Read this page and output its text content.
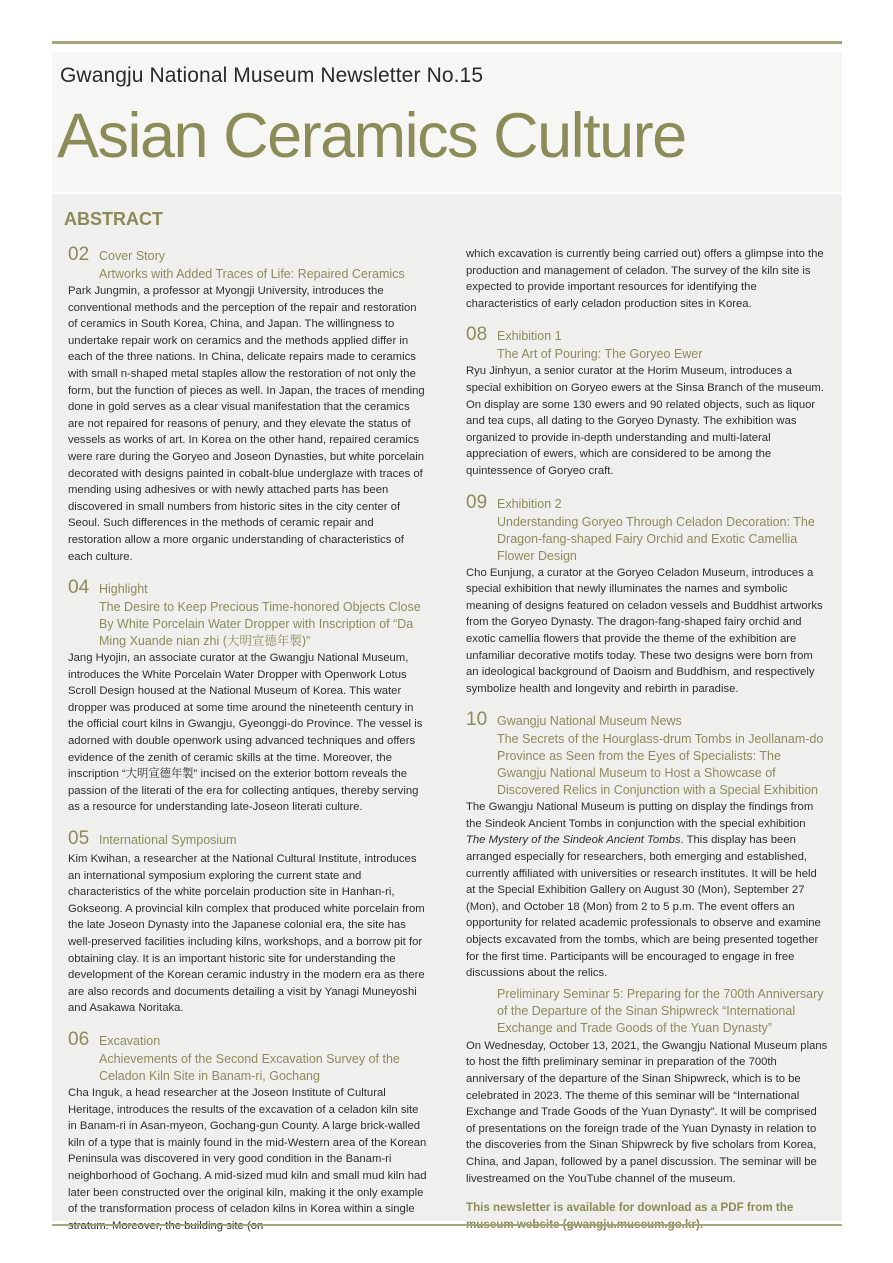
Gwangju National Museum Newsletter No.15
Asian Ceramics Culture
ABSTRACT
02 Cover Story
Artworks with Added Traces of Life: Repaired Ceramics
Park Jungmin, a professor at Myongji University, introduces the conventional methods and the perception of the repair and restoration of ceramics in South Korea, China, and Japan. The willingness to undertake repair work on ceramics and the methods applied differ in each of the three nations. In China, delicate repairs made to ceramics with small n-shaped metal staples allow the restoration of not only the form, but the function of pieces as well. In Japan, the traces of mending done in gold serves as a clear visual manifestation that the ceramics are not repaired for reasons of penury, and they elevate the status of vessels as works of art. In Korea on the other hand, repaired ceramics were rare during the Goryeo and Joseon Dynasties, but white porcelain decorated with designs painted in cobalt-blue underglaze with traces of mending using adhesives or with newly attached parts has been discovered in small numbers from historic sites in the city center of Seoul. Such differences in the methods of ceramic repair and restoration allow a more organic understanding of characteristics of each culture.
04 Highlight
The Desire to Keep Precious Time-honored Objects Close By White Porcelain Water Dropper with Inscription of “Da Ming Xuande nian zhi (大明宣德年製)”
Jang Hyojin, an associate curator at the Gwangju National Museum, introduces the White Porcelain Water Dropper with Openwork Lotus Scroll Design housed at the National Museum of Korea. This water dropper was produced at some time around the nineteenth century in the official court kilns in Gwangju, Gyeonggi-do Province. The vessel is adorned with double openwork using advanced techniques and offers evidence of the zenith of ceramic skills at the time. Moreover, the inscription “大明宣德年製” incised on the exterior bottom reveals the passion of the literati of the era for collecting antiques, thereby serving as a resource for understanding late-Joseon literati culture.
05 International Symposium
Kim Kwihan, a researcher at the National Cultural Institute, introduces an international symposium exploring the current state and characteristics of the white porcelain production site in Hanhan-ri, Gokseong. A provincial kiln complex that produced white porcelain from the late Joseon Dynasty into the Japanese colonial era, the site has well-preserved facilities including kilns, workshops, and a borrow pit for obtaining clay. It is an important historic site for understanding the development of the Korean ceramic industry in the modern era as there are also records and documents detailing a visit by Yanagi Muneyoshi and Asakawa Noritaka.
06 Excavation
Achievements of the Second Excavation Survey of the Celadon Kiln Site in Banam-ri, Gochang
Cha Inguk, a head researcher at the Joseon Institute of Cultural Heritage, introduces the results of the excavation of a celadon kiln site in Banam-ri in Asan-myeon, Gochang-gun County. A large brick-walled kiln of a type that is mainly found in the mid-Western area of the Korean Peninsula was discovered in very good condition in the Banam-ri neighborhood of Gochang. A mid-sized mud kiln and small mud kiln had later been constructed over the original kiln, making it the only example of the transformation process of celadon kilns in Korea within a single
which excavation is currently being carried out) offers a glimpse into the production and management of celadon. The survey of the kiln site is expected to provide important resources for identifying the characteristics of early celadon production sites in Korea.
08 Exhibition 1
The Art of Pouring: The Goryeo Ewer
Ryu Jinhyun, a senior curator at the Horim Museum, introduces a special exhibition on Goryeo ewers at the Sinsa Branch of the museum. On display are some 130 ewers and 90 related objects, such as liquor and tea cups, all dating to the Goryeo Dynasty. The exhibition was organized to provide in-depth understanding and multi-lateral appreciation of ewers, which are considered to be among the quintessence of Goryeo craft.
09 Exhibition 2
Understanding Goryeo Through Celadon Decoration: The Dragon-fang-shaped Fairy Orchid and Exotic Camellia Flower Design
Cho Eunjung, a curator at the Goryeo Celadon Museum, introduces a special exhibition that newly illuminates the names and symbolic meaning of designs featured on celadon vessels and Buddhist artworks from the Goryeo Dynasty. The dragon-fang-shaped fairy orchid and exotic camellia flowers that provide the theme of the exhibition are unfamiliar decorative motifs today. These two designs were born from an ideological background of Daoism and Buddhism, and respectively symbolize health and longevity and rebirth in paradise.
10 Gwangju National Museum News
The Secrets of the Hourglass-drum Tombs in Jeollanam-do Province as Seen from the Eyes of Specialists: The Gwangju National Museum to Host a Showcase of Discovered Relics in Conjunction with a Special Exhibition
The Gwangju National Museum is putting on display the findings from the Sindeok Ancient Tombs in conjunction with the special exhibition The Mystery of the Sindeok Ancient Tombs. This display has been arranged especially for researchers, both emerging and established, currently affiliated with universities or research institutes. It will be held at the Special Exhibition Gallery on August 30 (Mon), September 27 (Mon), and October 18 (Mon) from 2 to 5 p.m. The event offers an opportunity for related academic professionals to observe and examine objects excavated from the tombs, which are being presented together for the first time. Participants will be encouraged to engage in free discussions about the relics.
Preliminary Seminar 5: Preparing for the 700th Anniversary of the Departure of the Sinan Shipwreck “International Exchange and Trade Goods of the Yuan Dynasty”
On Wednesday, October 13, 2021, the Gwangju National Museum plans to host the fifth preliminary seminar in preparation of the 700th anniversary of the departure of the Sinan Shipwreck, which is to be celebrated in 2023. The theme of this seminar will be “International Exchange and Trade Goods of the Yuan Dynasty”. It will be comprised of presentations on the foreign trade of the Yuan Dynasty in relation to the discoveries from the Sinan Shipwreck by five scholars from Korea, China, and Japan, followed by a panel discussion. The seminar will be livestreamed on the YouTube channel of the museum.
This newsletter is available for download as a PDF from the
